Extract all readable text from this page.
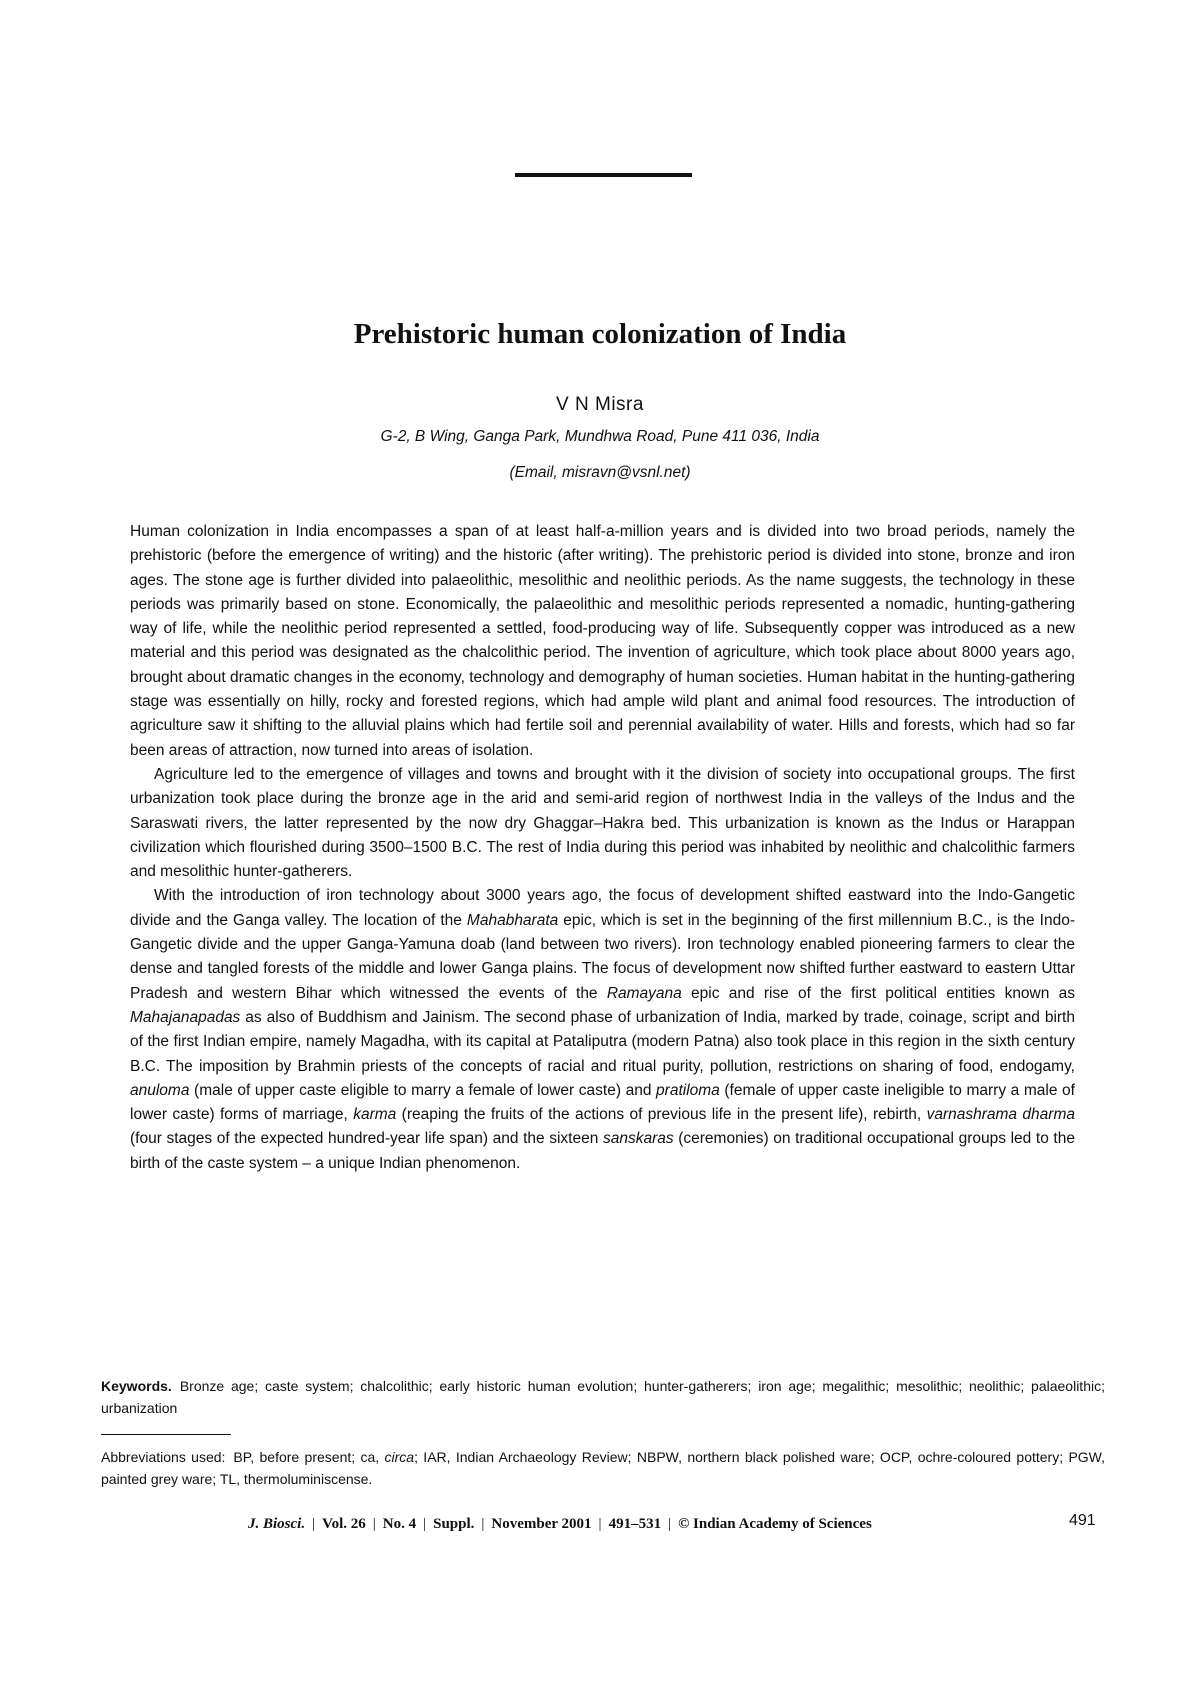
Prehistoric human colonization of India
V N Misra
G-2, B Wing, Ganga Park, Mundhwa Road, Pune 411 036, India
(Email, misravn@vsnl.net)

Human colonization in India encompasses a span of at least half-a-million years and is divided into two broad periods, namely the prehistoric (before the emergence of writing) and the historic (after writing). The prehistoric period is divided into stone, bronze and iron ages. The stone age is further divided into palaeolithic, mesolithic and neolithic periods. As the name suggests, the technology in these periods was primarily based on stone. Economically, the palaeolithic and mesolithic periods represented a nomadic, hunting-gathering way of life, while the neolithic period represented a settled, food-producing way of life. Subsequently copper was introduced as a new material and this period was designated as the chalcolithic period. The invention of agriculture, which took place about 8000 years ago, brought about dramatic changes in the economy, technology and demography of human societies. Human habitat in the hunting-gathering stage was essentially on hilly, rocky and forested regions, which had ample wild plant and animal food resources. The introduction of agriculture saw it shifting to the alluvial plains which had fertile soil and perennial availability of water. Hills and forests, which had so far been areas of attraction, now turned into areas of isolation.

Agriculture led to the emergence of villages and towns and brought with it the division of society into occupational groups. The first urbanization took place during the bronze age in the arid and semi-arid region of northwest India in the valleys of the Indus and the Saraswati rivers, the latter represented by the now dry Ghaggar–Hakra bed. This urbanization is known as the Indus or Harappan civilization which flourished during 3500–1500 B.C. The rest of India during this period was inhabited by neolithic and chalcolithic farmers and mesolithic hunter-gatherers.

With the introduction of iron technology about 3000 years ago, the focus of development shifted eastward into the Indo-Gangetic divide and the Ganga valley. The location of the Mahabharata epic, which is set in the beginning of the first millennium B.C., is the Indo-Gangetic divide and the upper Ganga-Yamuna doab (land between two rivers). Iron technology enabled pioneering farmers to clear the dense and tangled forests of the middle and lower Ganga plains. The focus of development now shifted further eastward to eastern Uttar Pradesh and western Bihar which witnessed the events of the Ramayana epic and rise of the first political entities known as Mahajanapadas as also of Buddhism and Jainism. The second phase of urbanization of India, marked by trade, coinage, script and birth of the first Indian empire, namely Magadha, with its capital at Pataliputra (modern Patna) also took place in this region in the sixth century B.C. The imposition by Brahmin priests of the concepts of racial and ritual purity, pollution, restrictions on sharing of food, endogamy, anuloma (male of upper caste eligible to marry a female of lower caste) and pratiloma (female of upper caste ineligible to marry a male of lower caste) forms of marriage, karma (reaping the fruits of the actions of previous life in the present life), rebirth, varnashrama dharma (four stages of the expected hundred-year life span) and the sixteen sanskaras (ceremonies) on traditional occupational groups led to the birth of the caste system – a unique Indian phenomenon.

Keywords. Bronze age; caste system; chalcolithic; early historic human evolution; hunter-gatherers; iron age; megalithic; mesolithic; neolithic; palaeolithic; urbanization
Abbreviations used: BP, before present; ca, circa; IAR, Indian Archaeology Review; NBPW, northern black polished ware; OCP, ochre-coloured pottery; PGW, painted grey ware; TL, thermoluminiscense.
J. Biosci. | Vol. 26 | No. 4 | Suppl. | November 2001 | 491–531 | © Indian Academy of Sciences	491
